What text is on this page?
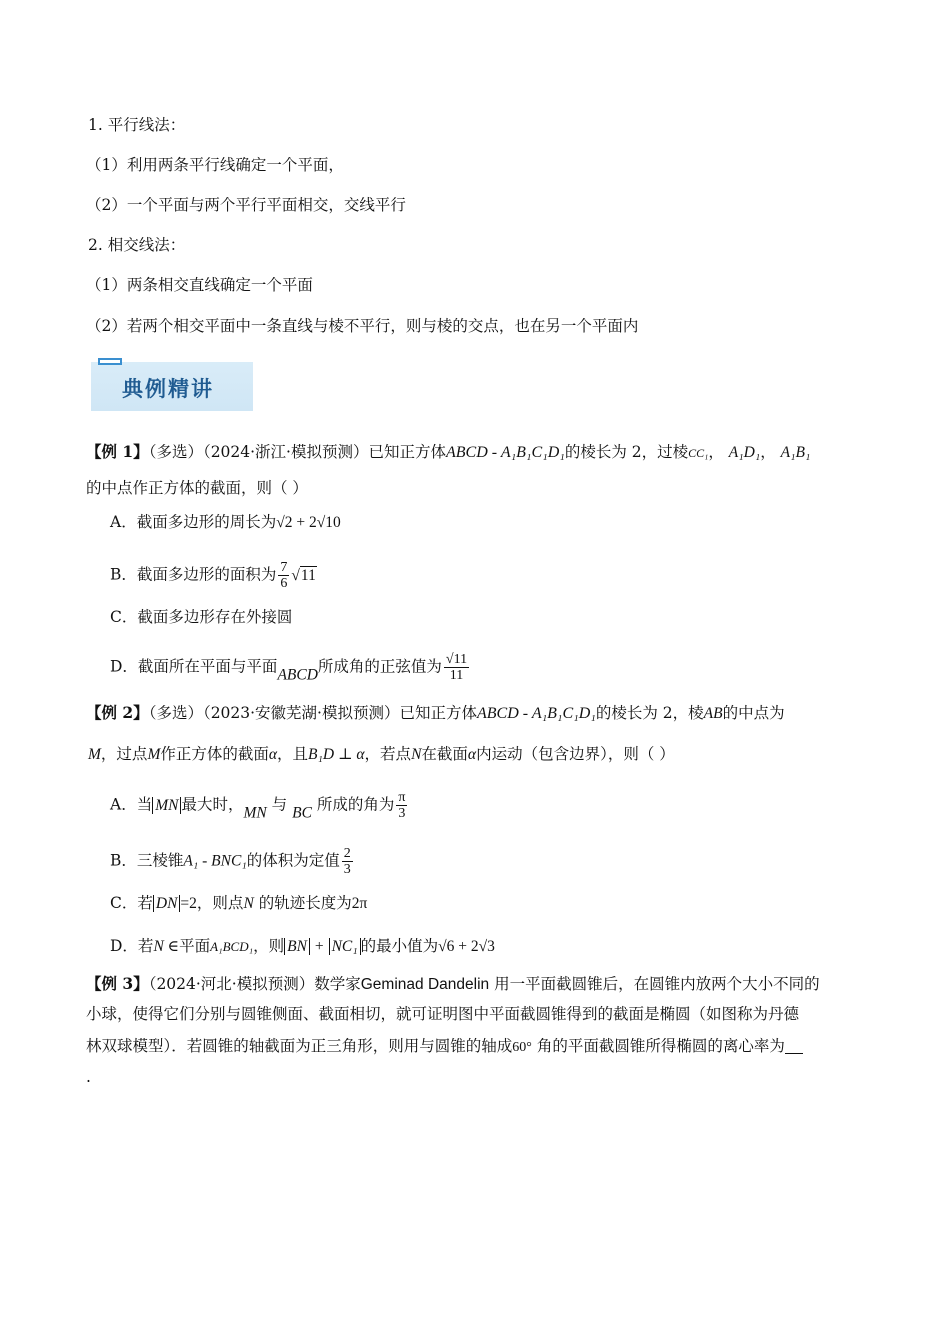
1. 平行线法：
（1）利用两条平行线确定一个平面，
（2）一个平面与两个平行平面相交，交线平行
2. 相交线法：
（1）两条相交直线确定一个平面
（2）若两个相交平面中一条直线与棱不平行，则与棱的交点，也在另一个平面内
典例精讲
【例 1】（多选）（2024·浙江·模拟预测）已知正方体ABCD - A₁B₁C₁D₁的棱长为 2，过棱CC₁， A₁D₁， A₁B₁
的中点作正方体的截面，则（ ）
A．截面多边形的周长为√2 + 2√10
B．截面多边形的面积为 $\frac{7}{6} √11$
C．截面多边形存在外接圆
D．截面所在平面与平面ABCD所成角的正弦值为 $\frac{√11}{11}$
【例 2】（多选）（2023·安徽芜湖·模拟预测）已知正方体ABCD - A₁B₁C₁D₁的棱长为 2，棱AB的中点为
M，过点M作正方体的截面α，且B₁D ⊥ α，若点N在截面α内运动（包含边界），则（ ）
A．当 MN 最大时，MN 与 BC 所成的角为 $\frac{\pi}{3}$
B．三棱锥A₁ - BNC₁的体积为定值 $\frac{2}{3}$
C．若 DN =2，则点N 的轨迹长度为2π
D．若N ∈平面A₁BCD₁，则 BN + NC₁ 的最小值为√6 + 2√3
【例 3】（2024·河北·模拟预测）数学家Geminad Dandelin 用一平面截圆锥后，在圆锥内放两个大小不同的
小球，使得它们分别与圆锥侧面、截面相切，就可证明图中平面截圆锥得到的截面是椭圆（如图称为丹德
林双球模型）．若圆锥的轴截面为正三角形，则用与圆锥的轴成60° 角的平面截圆锥所得椭圆的离心率为
.
